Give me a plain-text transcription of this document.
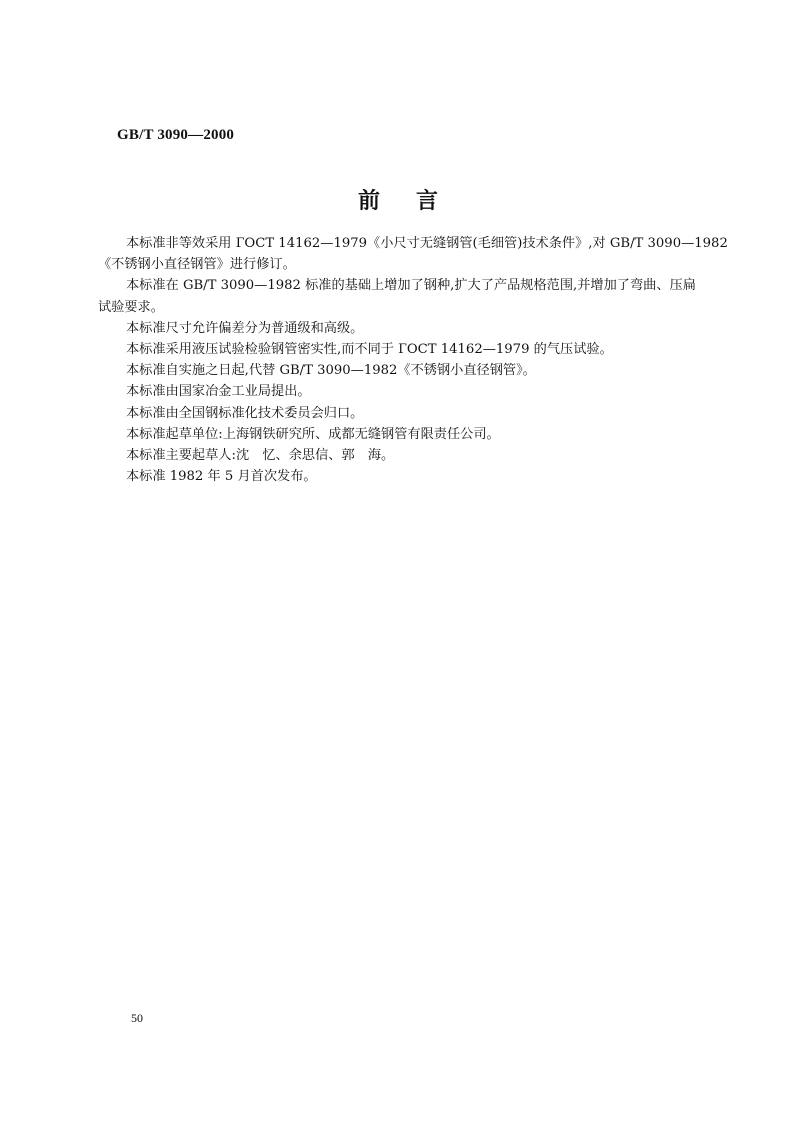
GB/T 3090—2000
前言

本标准非等效采用 ГОСТ 14162—1979《小尺寸无缝钢管(毛细管)技术条件》,对 GB/T 3090—1982
《不锈钢小直径钢管》进行修订。

本标准在 GB/T 3090—1982 标准的基础上增加了钢种,扩大了产品规格范围,并增加了弯曲、压扁
试验要求。

本标准尺寸允许偏差分为普通级和高级。

本标准采用液压试验检验钢管密实性,而不同于 ГОСТ 14162—1979 的气压试验。

本标准自实施之日起,代替 GB/T 3090—1982《不锈钢小直径钢管》。

本标准由国家冶金工业局提出。

本标准由全国钢标准化技术委员会归口。

本标准起草单位:上海钢铁研究所、成都无缝钢管有限责任公司。

本标准主要起草人:沈　忆、余思信、郭　海。

本标准 1982 年 5 月首次发布。

50
